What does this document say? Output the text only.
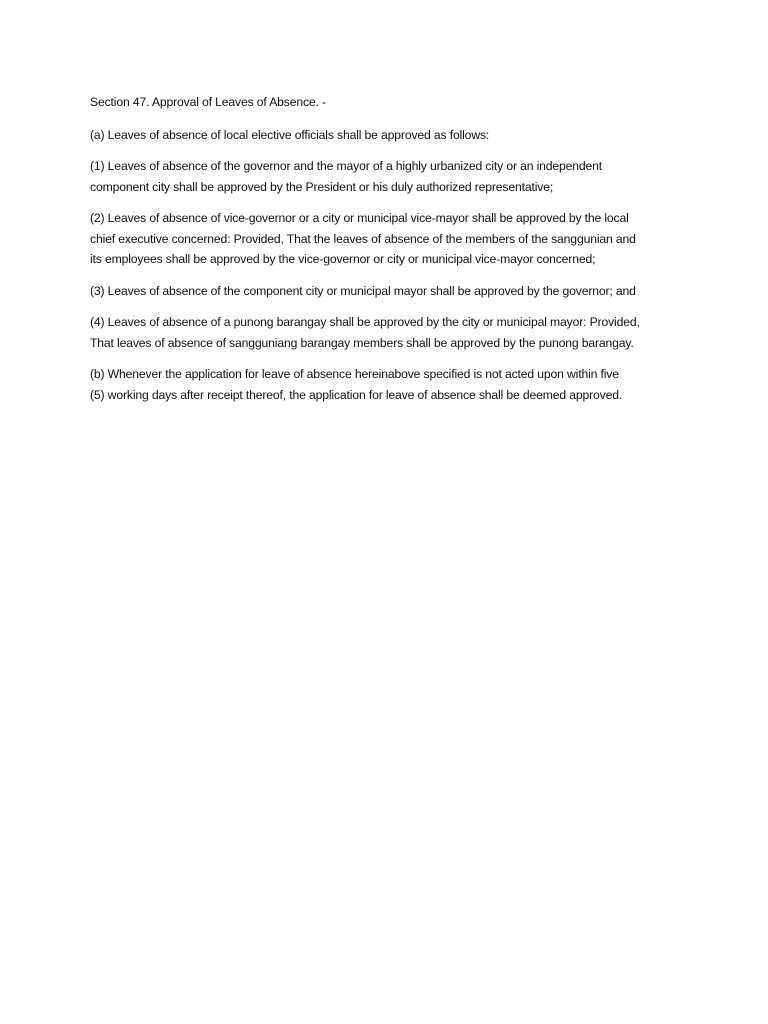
Section 47. Approval of Leaves of Absence. -

(a) Leaves of absence of local elective officials shall be approved as follows:

(1) Leaves of absence of the governor and the mayor of a highly urbanized city or an independent
component city shall be approved by the President or his duly authorized representative;

(2) Leaves of absence of vice-governor or a city or municipal vice-mayor shall be approved by the local
chief executive concerned: Provided, That the leaves of absence of the members of the sanggunian and
its employees shall be approved by the vice-governor or city or municipal vice-mayor concerned;

(3) Leaves of absence of the component city or municipal mayor shall be approved by the governor; and

(4) Leaves of absence of a punong barangay shall be approved by the city or municipal mayor: Provided,
That leaves of absence of sangguniang barangay members shall be approved by the punong barangay.

(b) Whenever the application for leave of absence hereinabove specified is not acted upon within five
(5) working days after receipt thereof, the application for leave of absence shall be deemed approved.
